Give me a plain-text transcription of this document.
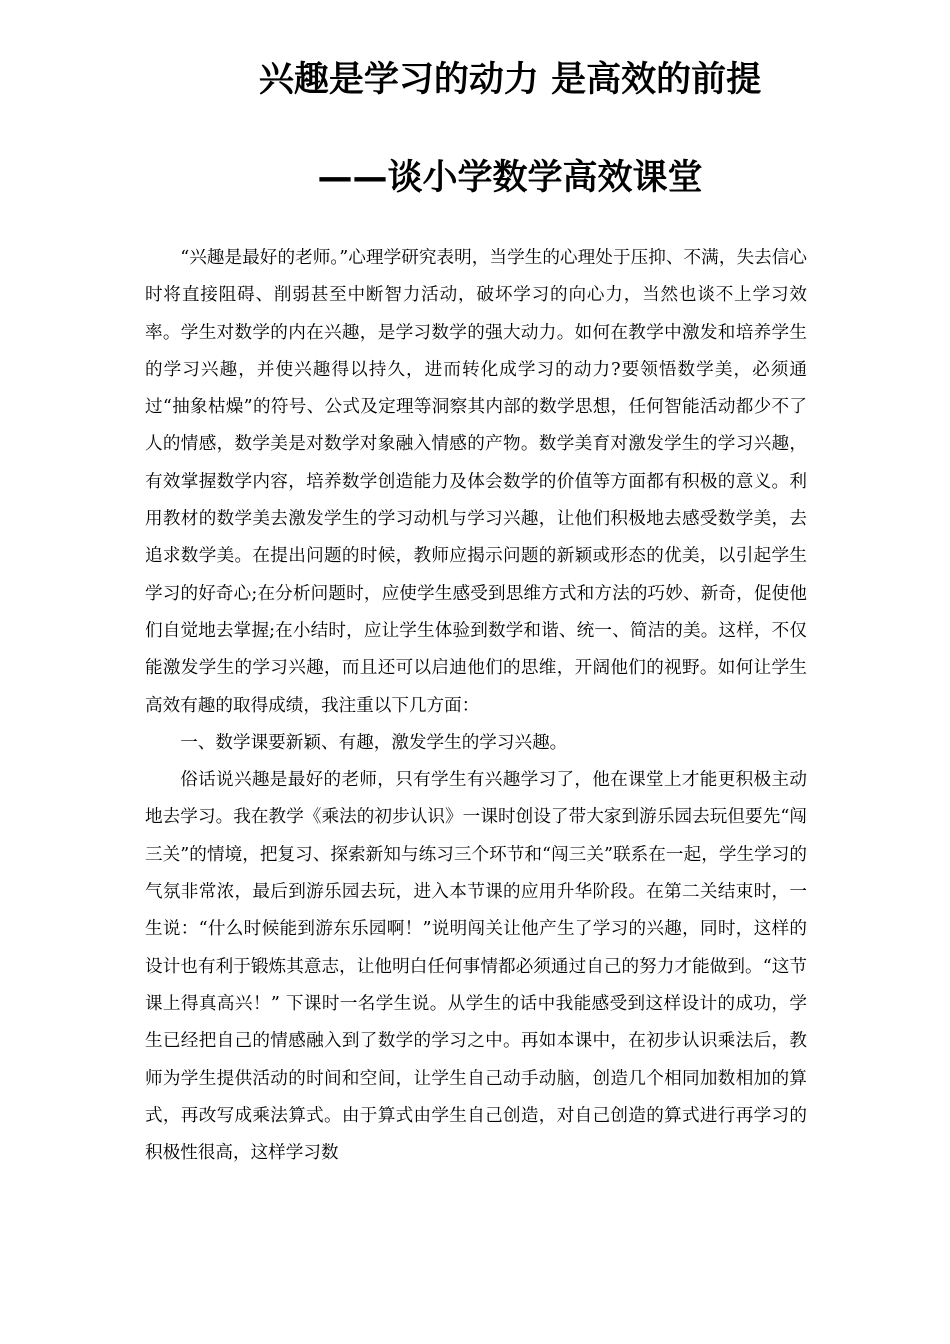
兴趣是学习的动力 是高效的前提
——谈小学数学高效课堂

“兴趣是最好的老师。”心理学研究表明，当学生的心理处于压抑、不满，失去信心时将直接阻碍、削弱甚至中断智力活动，破坏学习的向心力，当然也谈不上学习效率。学生对数学的内在兴趣，是学习数学的强大动力。如何在教学中激发和培养学生的学习兴趣，并使兴趣得以持久，进而转化成学习的动力?要领悟数学美，必须通过“抽象枯燥”的符号、公式及定理等洞察其内部的数学思想，任何智能活动都少不了人的情感，数学美是对数学对象融入情感的产物。数学美育对激发学生的学习兴趣，有效掌握数学内容，培养数学创造能力及体会数学的价值等方面都有积极的意义。利用教材的数学美去激发学生的学习动机与学习兴趣，让他们积极地去感受数学美，去追求数学美。在提出问题的时候，教师应揭示问题的新颖或形态的优美，以引起学生学习的好奇心;在分析问题时，应使学生感受到思维方式和方法的巧妙、新奇，促使他们自觉地去掌握;在小结时，应让学生体验到数学和谐、统一、简洁的美。这样，不仅能激发学生的学习兴趣，而且还可以启迪他们的思维，开阔他们的视野。如何让学生高效有趣的取得成绩，我注重以下几方面：

一、数学课要新颖、有趣，激发学生的学习兴趣。

俗话说兴趣是最好的老师，只有学生有兴趣学习了，他在课堂上才能更积极主动地去学习。我在教学《乘法的初步认识》一课时创设了带大家到游乐园去玩但要先“闯三关”的情境，把复习、探索新知与练习三个环节和“闯三关”联系在一起，学生学习的气氛非常浓，最后到游乐园去玩，进入本节课的应用升华阶段。在第二关结束时，一生说：“什么时候能到游东乐园啊！”说明闯关让他产生了学习的兴趣，同时，这样的设计也有利于锻炼其意志，让他明白任何事情都必须通过自己的努力才能做到。“这节课上得真高兴！” 下课时一名学生说。从学生的话中我能感受到这样设计的成功，学生已经把自己的情感融入到了数学的学习之中。再如本课中，在初步认识乘法后，教师为学生提供活动的时间和空间，让学生自己动手动脑，创造几个相同加数相加的算式，再改写成乘法算式。由于算式由学生自己创造，对自己创造的算式进行再学习的积极性很高，这样学习数
